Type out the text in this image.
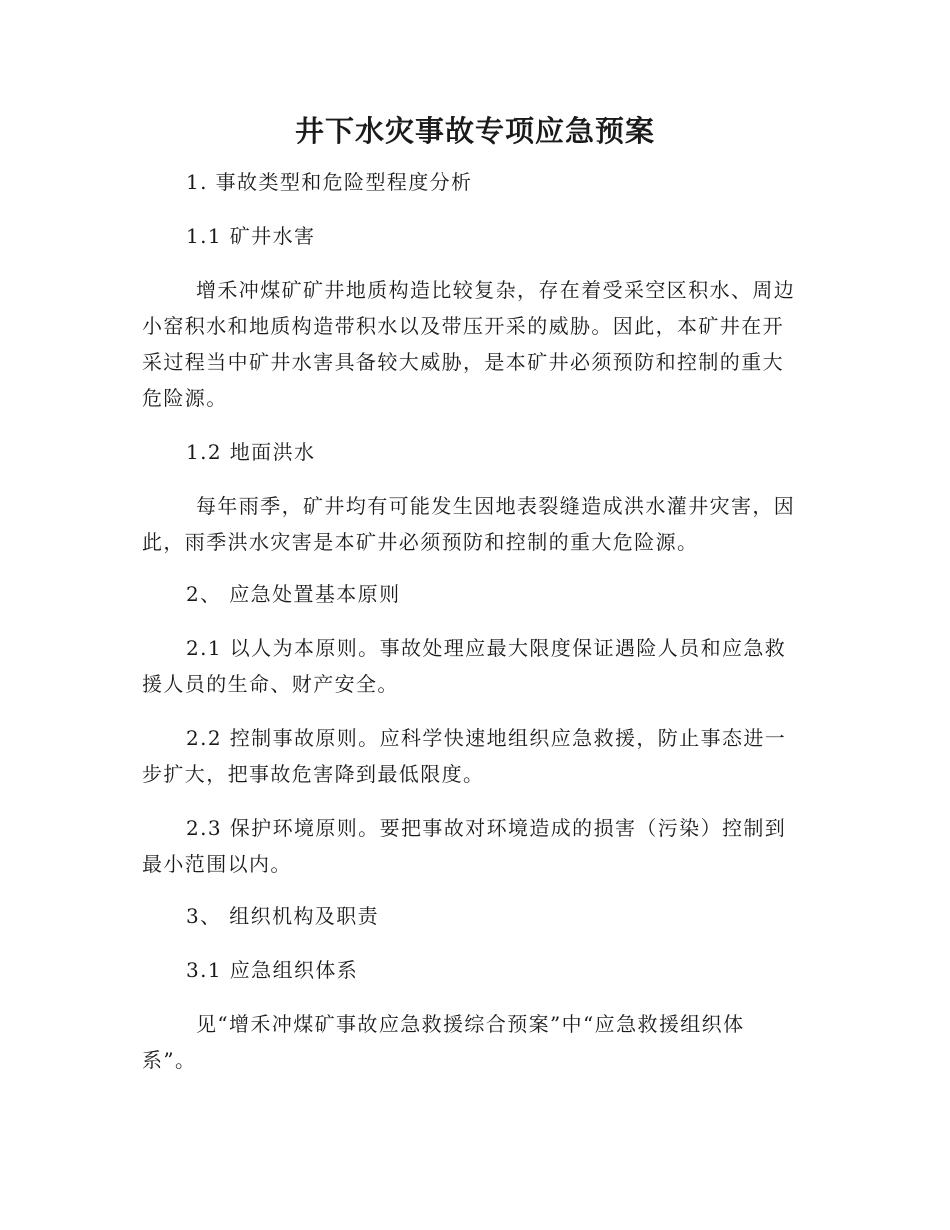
井下水灾事故专项应急预案
1. 事故类型和危险型程度分析
1.1 矿井水害
增禾冲煤矿矿井地质构造比较复杂，存在着受采空区积水、周边
小窑积水和地质构造带积水以及带压开采的威胁。因此，本矿井在开
采过程当中矿井水害具备较大威胁，是本矿井必须预防和控制的重大
危险源。
1.2 地面洪水
每年雨季，矿井均有可能发生因地表裂缝造成洪水灌井灾害，因
此，雨季洪水灾害是本矿井必须预防和控制的重大危险源。
2、 应急处置基本原则
2.1 以人为本原则。事故处理应最大限度保证遇险人员和应急救
援人员的生命、财产安全。
2.2 控制事故原则。应科学快速地组织应急救援，防止事态进一
步扩大，把事故危害降到最低限度。
2.3 保护环境原则。要把事故对环境造成的损害（污染）控制到
最小范围以内。
3、 组织机构及职责
3.1 应急组织体系
见“增禾冲煤矿事故应急救援综合预案”中“应急救援组织体
系”。
